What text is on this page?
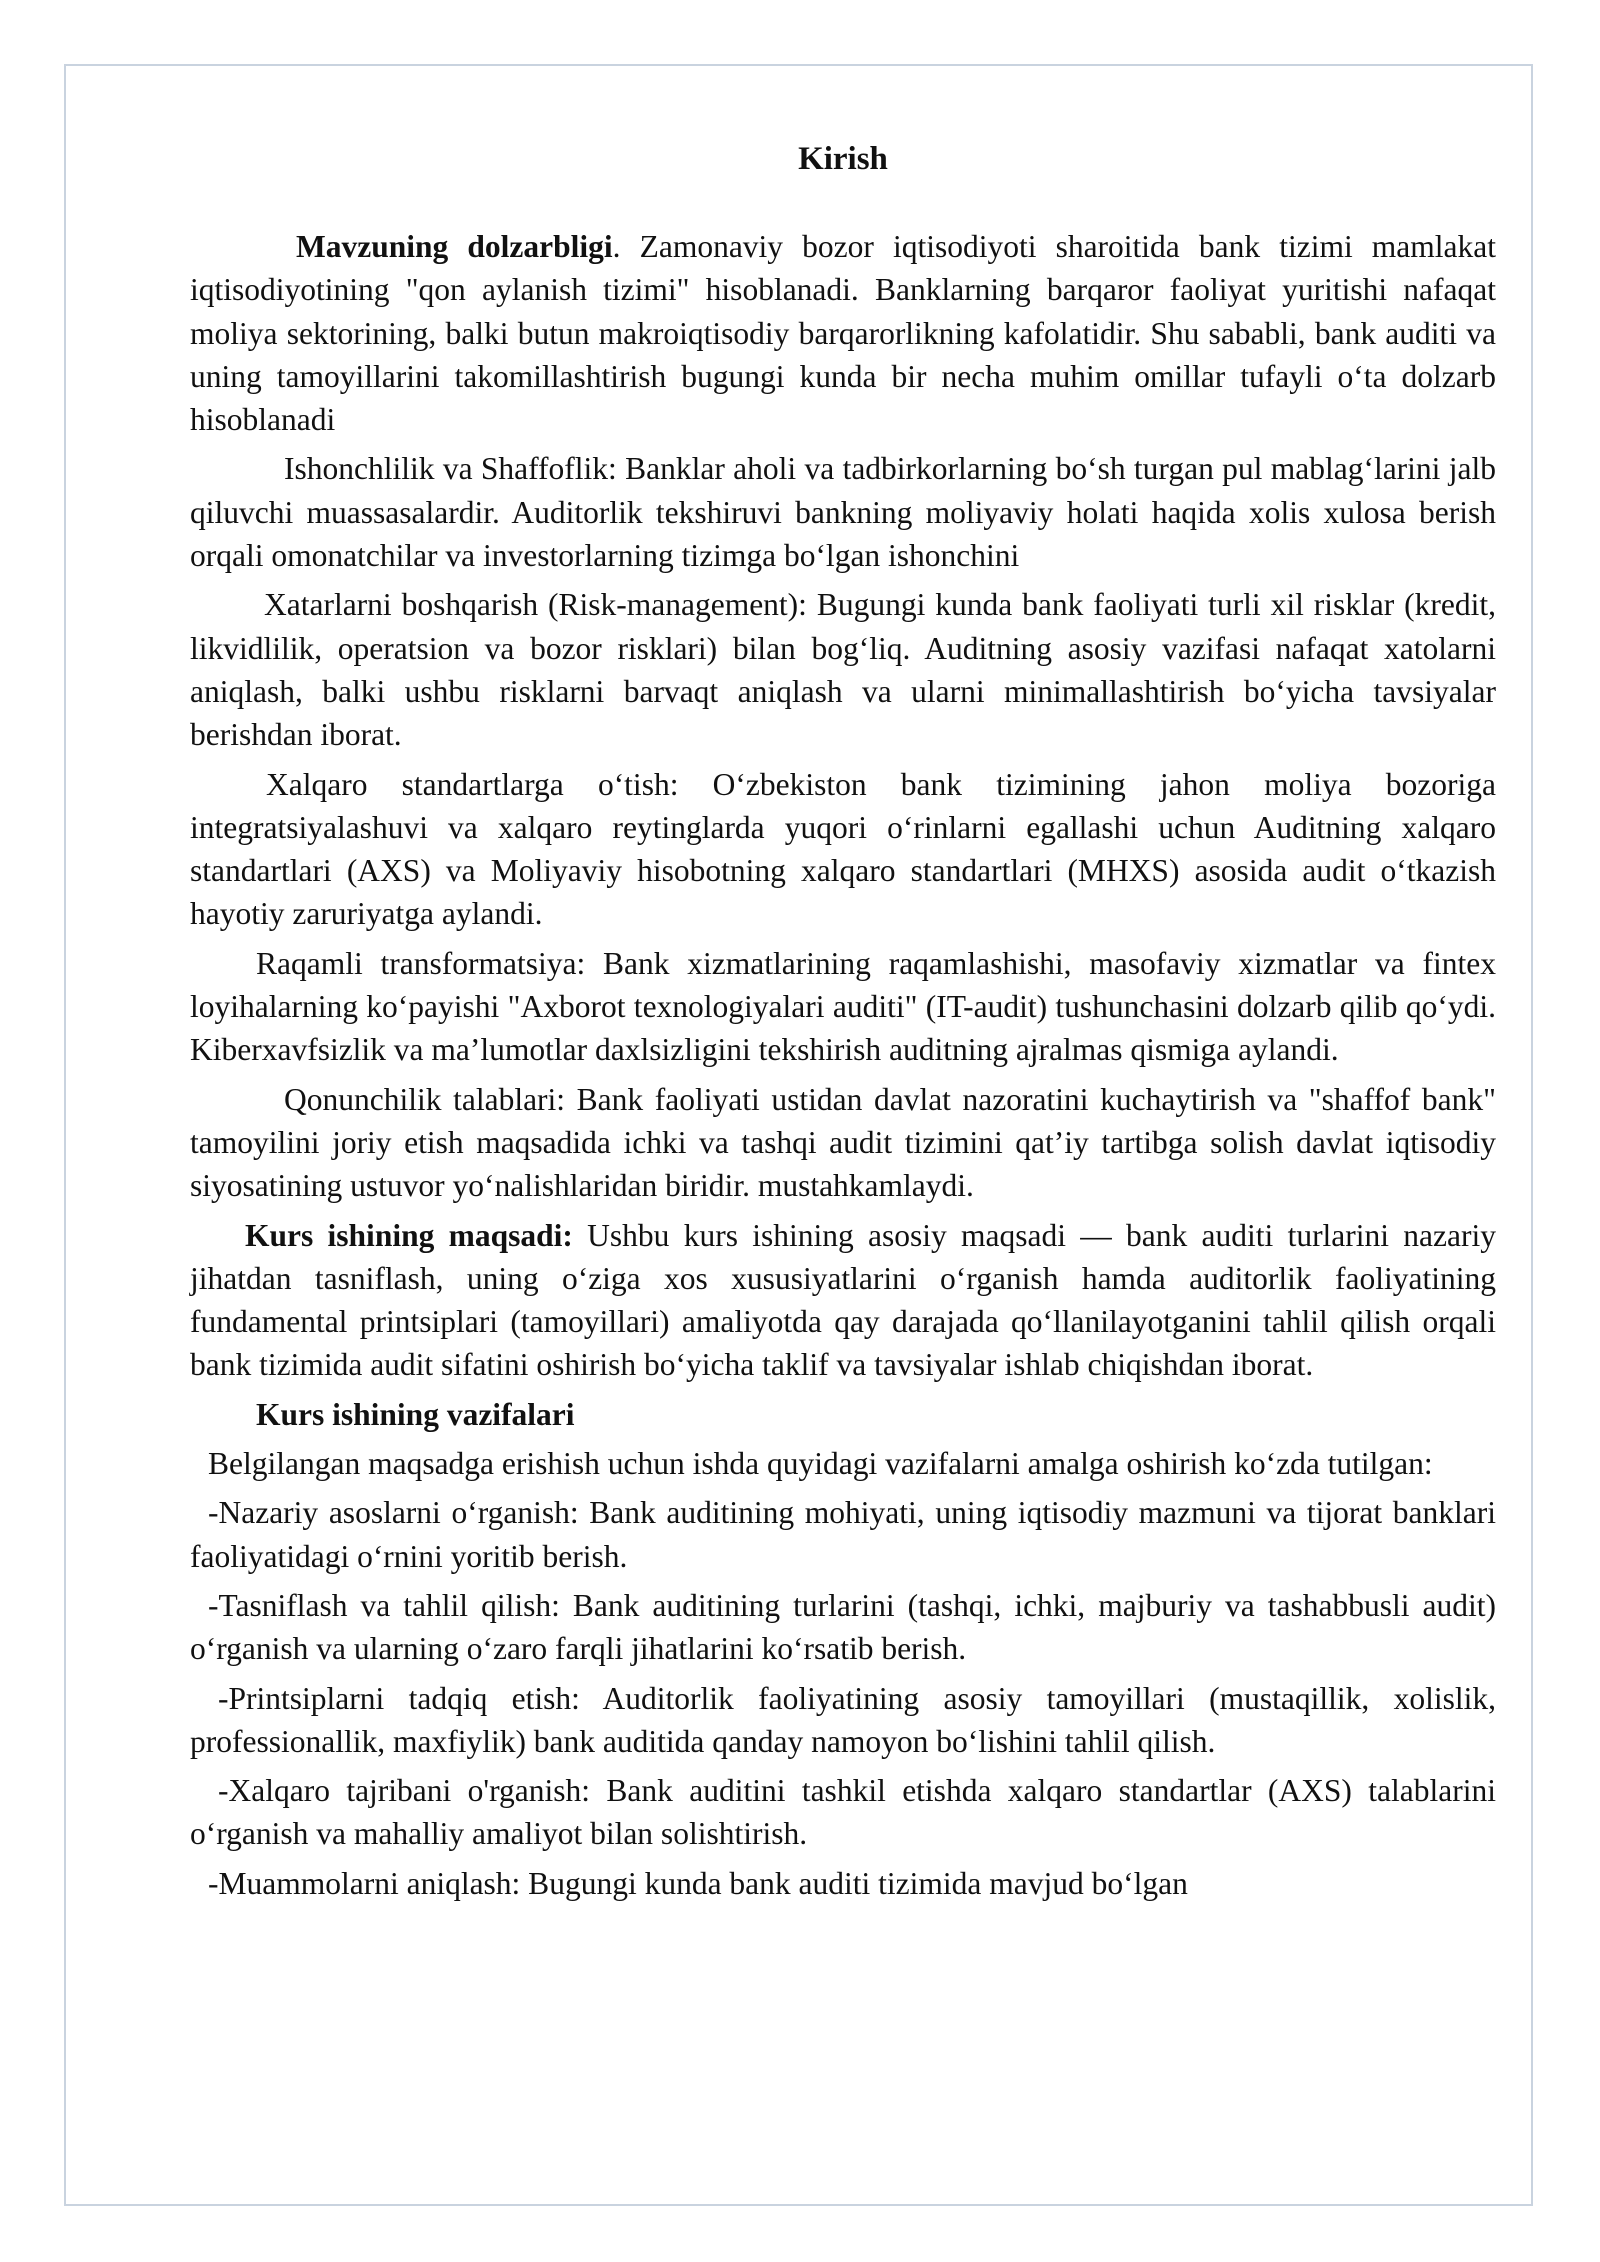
Kirish

Mavzuning dolzarbligi. Zamonaviy bozor iqtisodiyoti sharoitida bank tizimi mamlakat iqtisodiyotining "qon aylanish tizimi" hisoblanadi. Banklarning barqaror faoliyat yuritishi nafaqat moliya sektorining, balki butun makroiqtisodiy barqarorlikning kafolatidir. Shu sababli, bank auditi va uning tamoyillarini takomillashtirish bugungi kunda bir necha muhim omillar tufayli o‘ta dolzarb hisoblanadi

Ishonchlilik va Shaffoflik: Banklar aholi va tadbirkorlarning bo‘sh turgan pul mablag‘larini jalb qiluvchi muassasalardir. Auditorlik tekshiruvi bankning moliyaviy holati haqida xolis xulosa berish orqali omonatchilar va investorlarning tizimga bo‘lgan ishonchini

Xatarlarni boshqarish (Risk-management): Bugungi kunda bank faoliyati turli xil risklar (kredit, likvidlilik, operatsion va bozor risklari) bilan bog‘liq. Auditning asosiy vazifasi nafaqat xatolarni aniqlash, balki ushbu risklarni barvaqt aniqlash va ularni minimallashtirish bo‘yicha tavsiyalar berishdan iborat.

Xalqaro standartlarga o‘tish: O‘zbekiston bank tizimining jahon moliya bozoriga integratsiyalashuvi va xalqaro reytinglarda yuqori o‘rinlarni egallashi uchun Auditning xalqaro standartlari (AXS) va Moliyaviy hisobotning xalqaro standartlari (MHXS) asosida audit o‘tkazish hayotiy zaruriyatga aylandi.

Raqamli transformatsiya: Bank xizmatlarining raqamlashishi, masofaviy xizmatlar va fintex loyihalarning ko‘payishi "Axborot texnologiyalari auditi" (IT-audit) tushunchasini dolzarb qilib qo‘ydi. Kiberxavfsizlik va ma’lumotlar daxlsizligini tekshirish auditning ajralmas qismiga aylandi.

Qonunchilik talablari: Bank faoliyati ustidan davlat nazoratini kuchaytirish va "shaffof bank" tamoyilini joriy etish maqsadida ichki va tashqi audit tizimini qat’iy tartibga solish davlat iqtisodiy siyosatining ustuvor yo‘nalishlaridan biridir. mustahkamlaydi.

Kurs ishining maqsadi: Ushbu kurs ishining asosiy maqsadi — bank auditi turlarini nazariy jihatdan tasniflash, uning o‘ziga xos xususiyatlarini o‘rganish hamda auditorlik faoliyatining fundamental printsiplari (tamoyillari) amaliyotda qay darajada qo‘llanilayotganini tahlil qilish orqali bank tizimida audit sifatini oshirish bo‘yicha taklif va tavsiyalar ishlab chiqishdan iborat.

Kurs ishining vazifalari

Belgilangan maqsadga erishish uchun ishda quyidagi vazifalarni amalga oshirish ko‘zda tutilgan:

-Nazariy asoslarni o‘rganish: Bank auditining mohiyati, uning iqtisodiy mazmuni va tijorat banklari faoliyatidagi o‘rnini yoritib berish.

-Tasniflash va tahlil qilish: Bank auditining turlarini (tashqi, ichki, majburiy va tashabbusli audit) o‘rganish va ularning o‘zaro farqli jihatlarini ko‘rsatib berish.

-Printsiplarni tadqiq etish: Auditorlik faoliyatining asosiy tamoyillari (mustaqillik, xolislik, professionallik, maxfiylik) bank auditida qanday namoyon bo‘lishini tahlil qilish.

-Xalqaro tajribani o'rganish: Bank auditini tashkil etishda xalqaro standartlar (AXS) talablarini o‘rganish va mahalliy amaliyot bilan solishtirish.

-Muammolarni aniqlash: Bugungi kunda bank auditi tizimida mavjud bo‘lgan
